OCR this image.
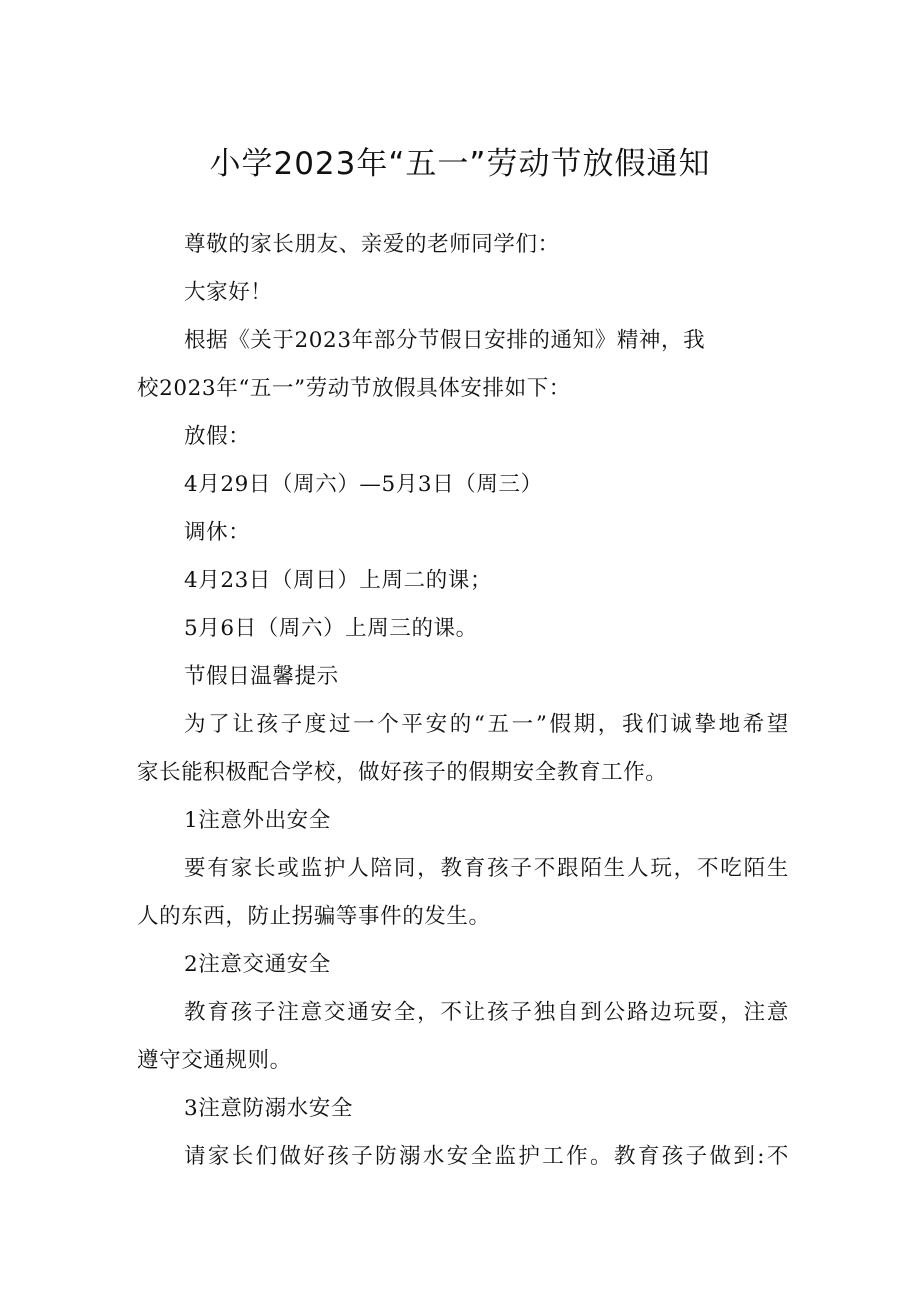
小学2023年“五一”劳动节放假通知

尊敬的家长朋友、亲爱的老师同学们：

大家好！

根据《关于2023年部分节假日安排的通知》精神，我

校2023年“五一”劳动节放假具体安排如下：

放假：

4月29日（周六）—5月3日（周三）

调休：

4月23日（周日）上周二的课；

5月6日（周六）上周三的课。

节假日温馨提示

为了让孩子度过一个平安的“五一”假期，我们诚挚地希望

家长能积极配合学校，做好孩子的假期安全教育工作。

1注意外出安全

要有家长或监护人陪同，教育孩子不跟陌生人玩，不吃陌生

人的东西，防止拐骗等事件的发生。

2注意交通安全

教育孩子注意交通安全，不让孩子独自到公路边玩耍，注意

遵守交通规则。

3注意防溺水安全

请家长们做好孩子防溺水安全监护工作。教育孩子做到:不
